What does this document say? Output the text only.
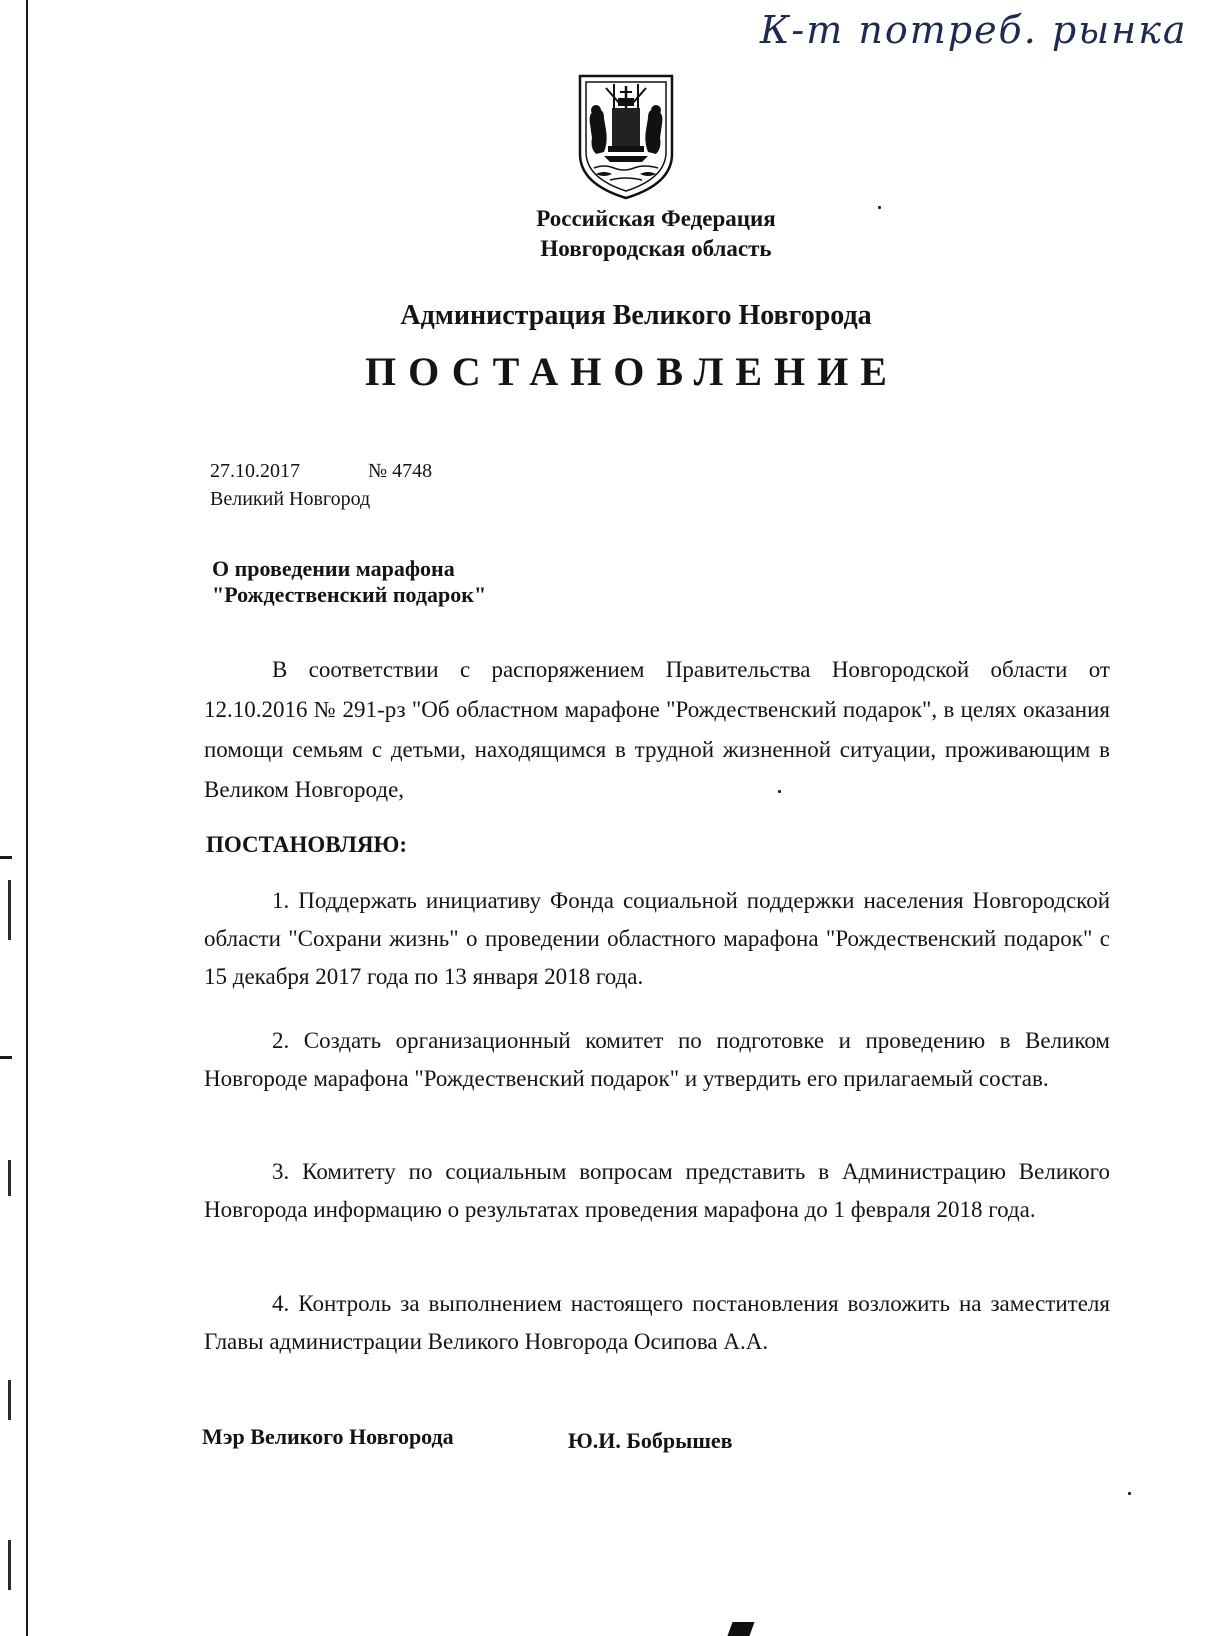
К-т потреб. рынка

Российская Федерация

Новгородская область

Администрация Великого Новгорода

ПОСТАНОВЛЕНИЕ

27.10.2017	№ 4748
Великий Новгород
О проведении марафона
"Рождественский подарок"

В соответствии с распоряжением Правительства Новгородской области от 12.10.2016 № 291-рз "Об областном марафоне "Рождественский подарок", в целях оказания помощи семьям с детьми, находящимся в трудной жизненной ситуации, проживающим в Великом Новгороде,

ПОСТАНОВЛЯЮ:

1. Поддержать инициативу Фонда социальной поддержки населения Новгородской области "Сохрани жизнь" о проведении областного марафона "Рождественский подарок" с 15 декабря 2017 года по 13 января 2018 года.

2. Создать организационный комитет по подготовке и проведению в Великом Новгороде марафона "Рождественский подарок" и утвердить его прилагаемый состав.

3. Комитету по социальным вопросам представить в Администрацию Великого Новгорода информацию о результатах проведения марафона до 1 февраля 2018 года.

4. Контроль за выполнением настоящего постановления возложить на заместителя Главы администрации Великого Новгорода Осипова А.А.

Мэр Великого Новгорода	Ю.И. Бобрышев
